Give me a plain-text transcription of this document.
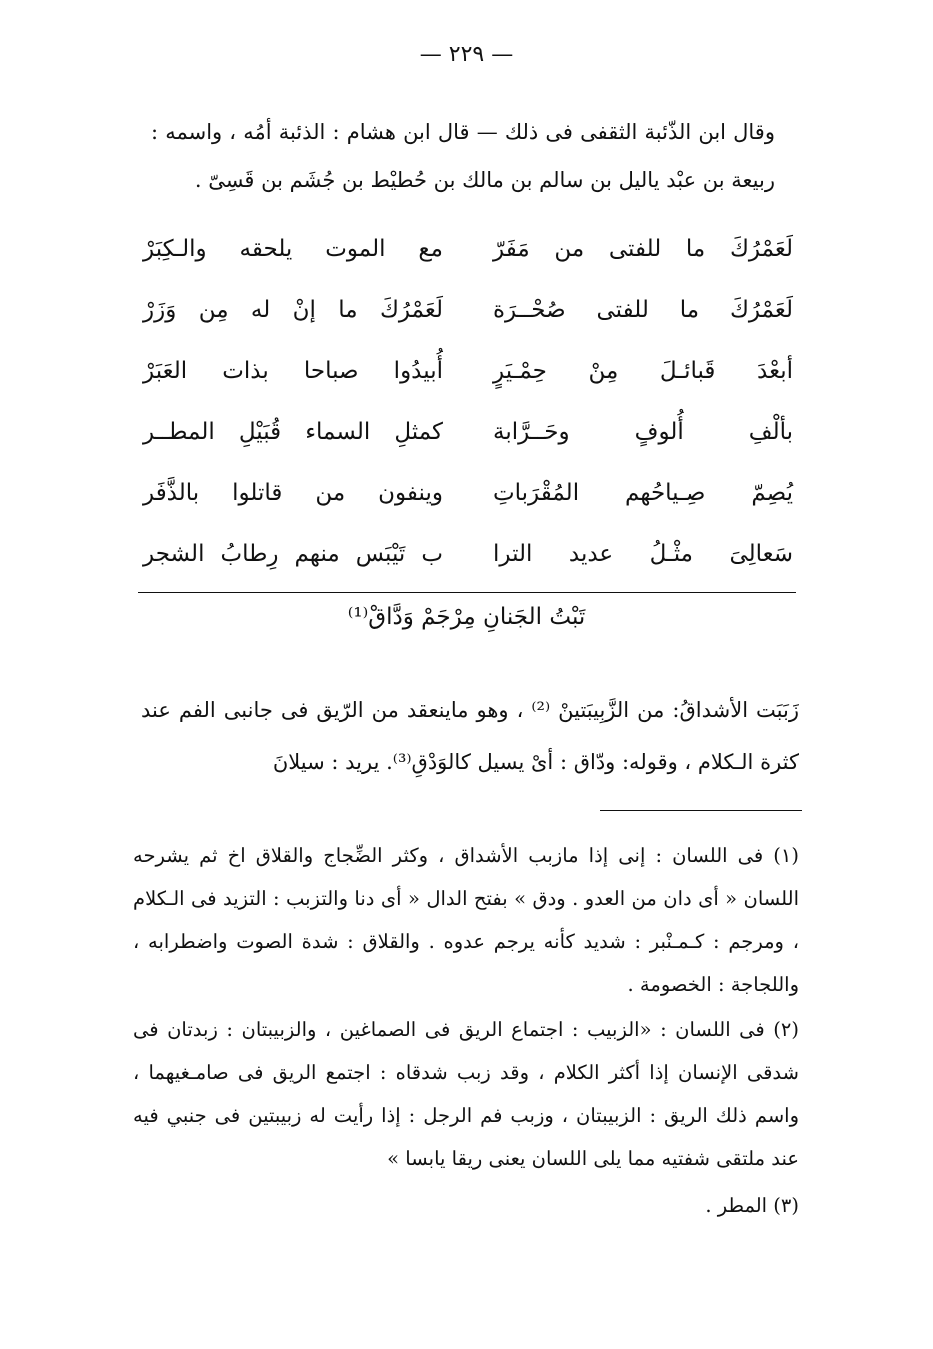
— ٢٢٩ —

وقال ابن الذّئبة الثقفى فى ذلك — قال ابن هشام : الذئبة أمُه ، واسمه : ربيعة بن عبْد ياليل بن سالم بن مالك بن حُطيْط بن جُشَم بن قَسِىّ .

لَعَمْرُكَ ما للفتى من مَفَرّ
مع الموت يلحقه والـكِبَرْ
لَعَمْرُكَ ما للفتى صُحْــرَة
لَعَمْرُكَ ما إنْ له مِن وَزَرْ
أبعْدَ قَبائـلَ مِنْ حِمْـيَرٍ
أُبيدُوا صباحا بذات العَبَرْ
بألْفِ أُلوفٍ وحَــرَّابة
كمثلِ السماء قُبَيْلِ المطــر
يُصِمّ صِـياحُهم المُقْرَباتِ
وينفون من قاتلوا بالذَّفَر
سَعالِىَ مثْـلُ عديد الترا
ب تَيْبَس منهم رِطابُ الشجر
تَبْتُ الجَنانِ مِرْجَمْ وَدَّاقْ⁽¹⁾

زَبَبَت الأشداقُ: من الزَّبِيبَتينْ ⁽²⁾ ، وهو ماينعقد من الرّيق فى جانبى الفم عند كثرة الـكلام ، وقوله: ودّاق : أىْ يسيل كالوَدْقِ⁽³⁾. يريد : سيلانَ

(١) فى اللسان : إنى إذا مازبب الأشداق ، وكثر الضِّجاج والقلاق اخ ثم يشرحه اللسان « أى دان من العدو . ودق » بفتح الدال « أى دنا والتزبب : التزيد فى الـكلام ، ومرجم : كـمـنْبر : شديد كأنه يرجم عدوه . والقلاق : شدة الصوت واضطرابه ، واللجاجة : الخصومة .

(٢) فى اللسان : «الزبيب : اجتماع الريق فى الصماغين ، والزبيبتان : زبدتان فى شدقى الإنسان إذا أكثر الكلام ، وقد زبب شدقاه : اجتمع الريق فى صامـغيهما ، واسم ذلك الريق : الزبيبتان ، وزبب فم الرجل : إذا رأيت له زبيبتين فى جنبي فيه عند ملتقى شفتيه مما يلى اللسان يعنى ريقا يابسا »

(٣) المطر .
